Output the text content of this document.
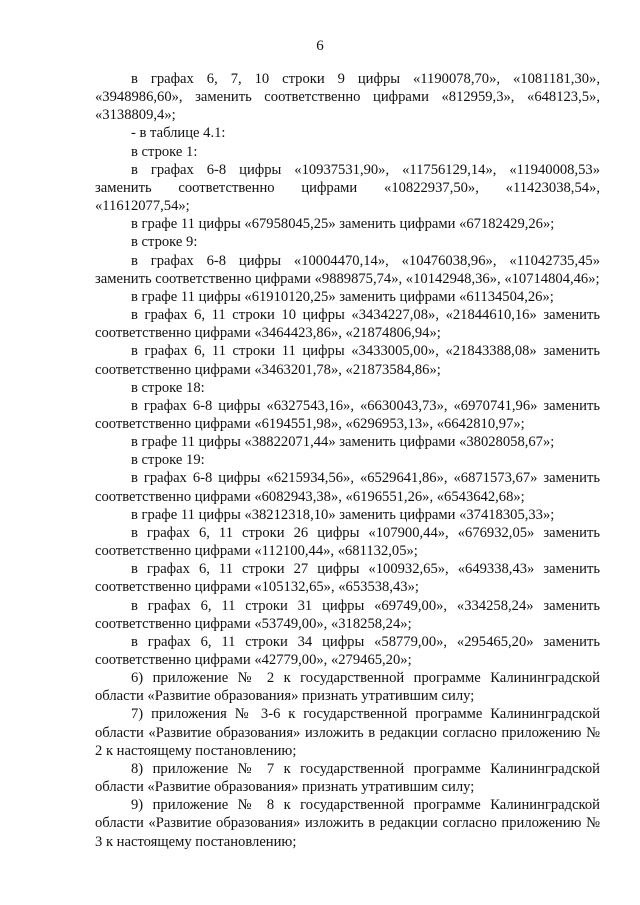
6

в графах 6, 7, 10 строки 9 цифры «1190078,70», «1081181,30», «3948986,60», заменить соответственно цифрами «812959,3», «648123,5», «3138809,4»;

- в таблице 4.1:

в строке 1:

в графах 6-8 цифры «10937531,90», «11756129,14», «11940008,53» заменить соответственно цифрами «10822937,50», «11423038,54», «11612077,54»;

в графе 11 цифры «67958045,25» заменить цифрами «67182429,26»;

в строке 9:

в графах 6-8 цифры «10004470,14», «10476038,96», «11042735,45» заменить соответственно цифрами «9889875,74», «10142948,36», «10714804,46»;

в графе 11 цифры «61910120,25» заменить цифрами «61134504,26»;

в графах 6, 11 строки 10 цифры «3434227,08», «21844610,16» заменить соответственно цифрами «3464423,86», «21874806,94»;

в графах 6, 11 строки 11 цифры «3433005,00», «21843388,08» заменить соответственно цифрами «3463201,78», «21873584,86»;

в строке 18:

в графах 6-8 цифры «6327543,16», «6630043,73», «6970741,96» заменить соответственно цифрами «6194551,98», «6296953,13», «6642810,97»;

в графе 11 цифры «38822071,44» заменить цифрами «38028058,67»;

в строке 19:

в графах 6-8 цифры «6215934,56», «6529641,86», «6871573,67» заменить соответственно цифрами «6082943,38», «6196551,26», «6543642,68»;

в графе 11 цифры «38212318,10» заменить цифрами «37418305,33»;

в графах 6, 11 строки 26 цифры «107900,44», «676932,05» заменить соответственно цифрами «112100,44», «681132,05»;

в графах 6, 11 строки 27 цифры «100932,65», «649338,43» заменить соответственно цифрами «105132,65», «653538,43»;

в графах 6, 11 строки 31 цифры «69749,00», «334258,24» заменить соответственно цифрами «53749,00», «318258,24»;

в графах 6, 11 строки 34 цифры «58779,00», «295465,20» заменить соответственно цифрами «42779,00», «279465,20»;

6) приложение № 2 к государственной программе Калининградской области «Развитие образования» признать утратившим силу;

7) приложения № 3-6 к государственной программе Калининградской области «Развитие образования» изложить в редакции согласно приложению № 2 к настоящему постановлению;

8) приложение № 7 к государственной программе Калининградской области «Развитие образования» признать утратившим силу;

9) приложение № 8 к государственной программе Калининградской области «Развитие образования» изложить в редакции согласно приложению № 3 к настоящему постановлению;
